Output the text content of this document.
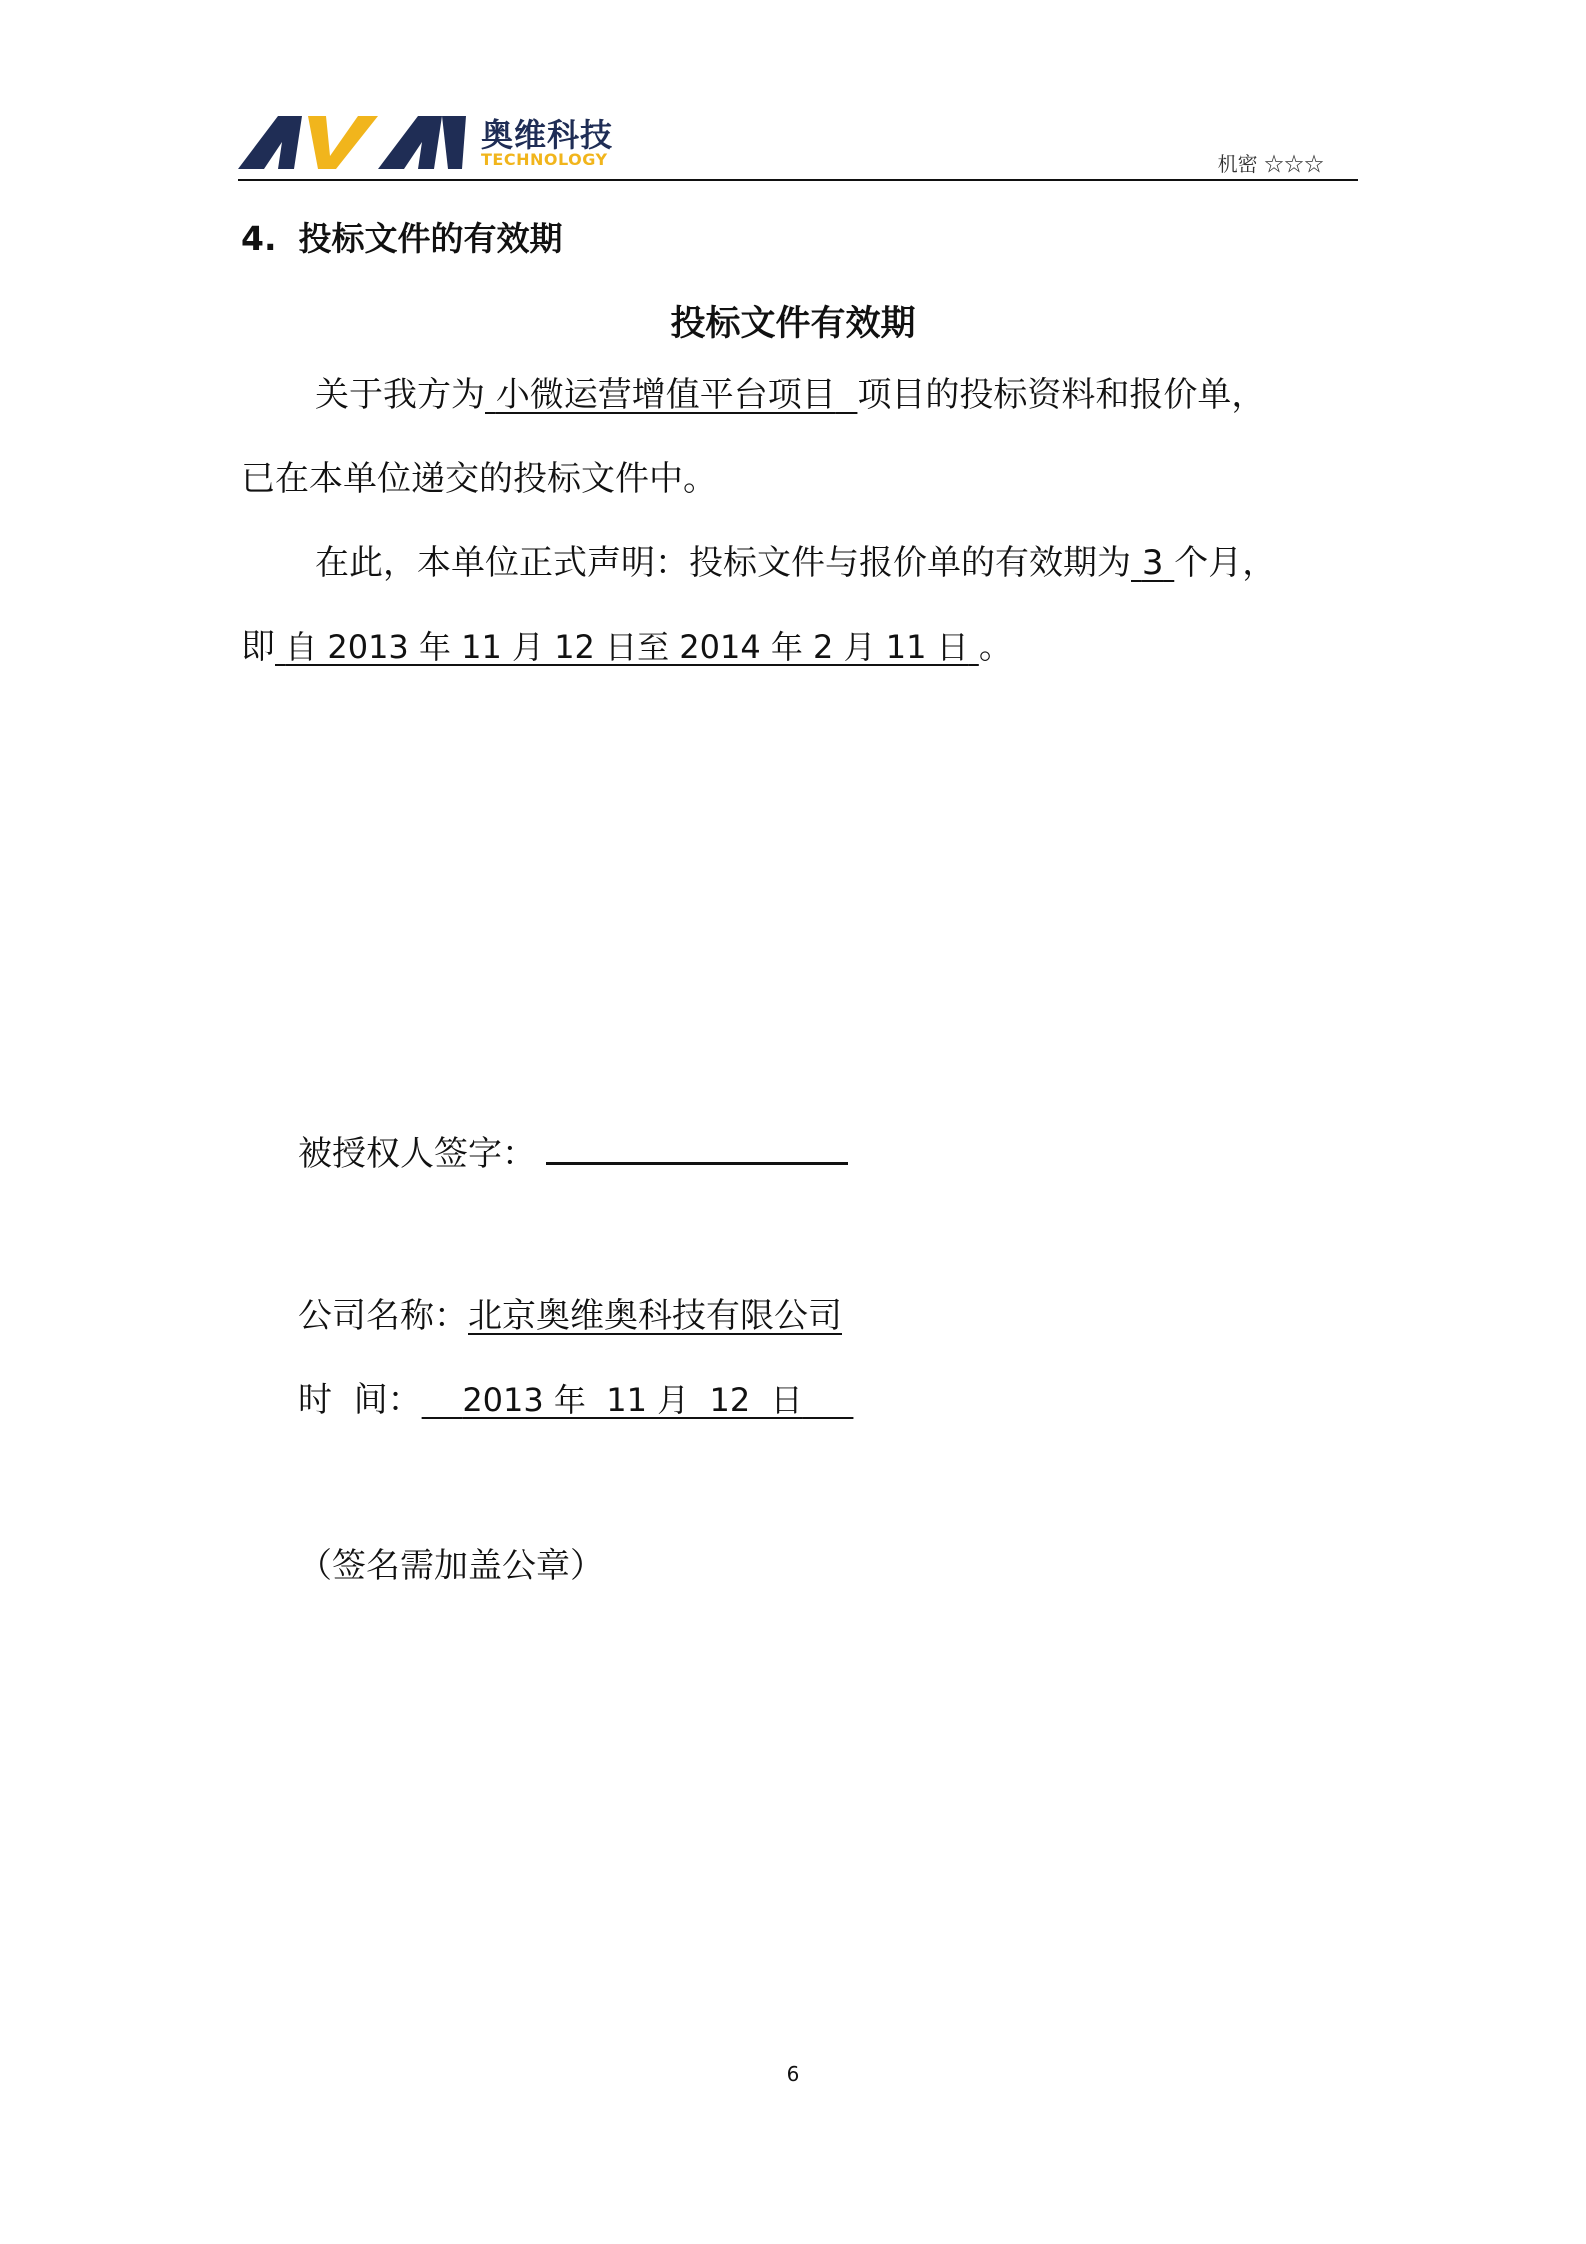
奥维科技
TECHNOLOGY	机密 ☆☆☆
4. 投标文件的有效期
投标文件有效期
关于我方为 小微运营增值平台项目 项目的投标资料和报价单，
已在本单位递交的投标文件中。
在此，本单位正式声明：投标文件与报价单的有效期为 3 个月，
即 自 2013 年 11 月 12 日至 2014 年 2 月 11 日 。
被授权人签字：
公司名称：北京奥维奥科技有限公司
时  间： 2013 年  11 月  12  日
（签名需加盖公章）
6
